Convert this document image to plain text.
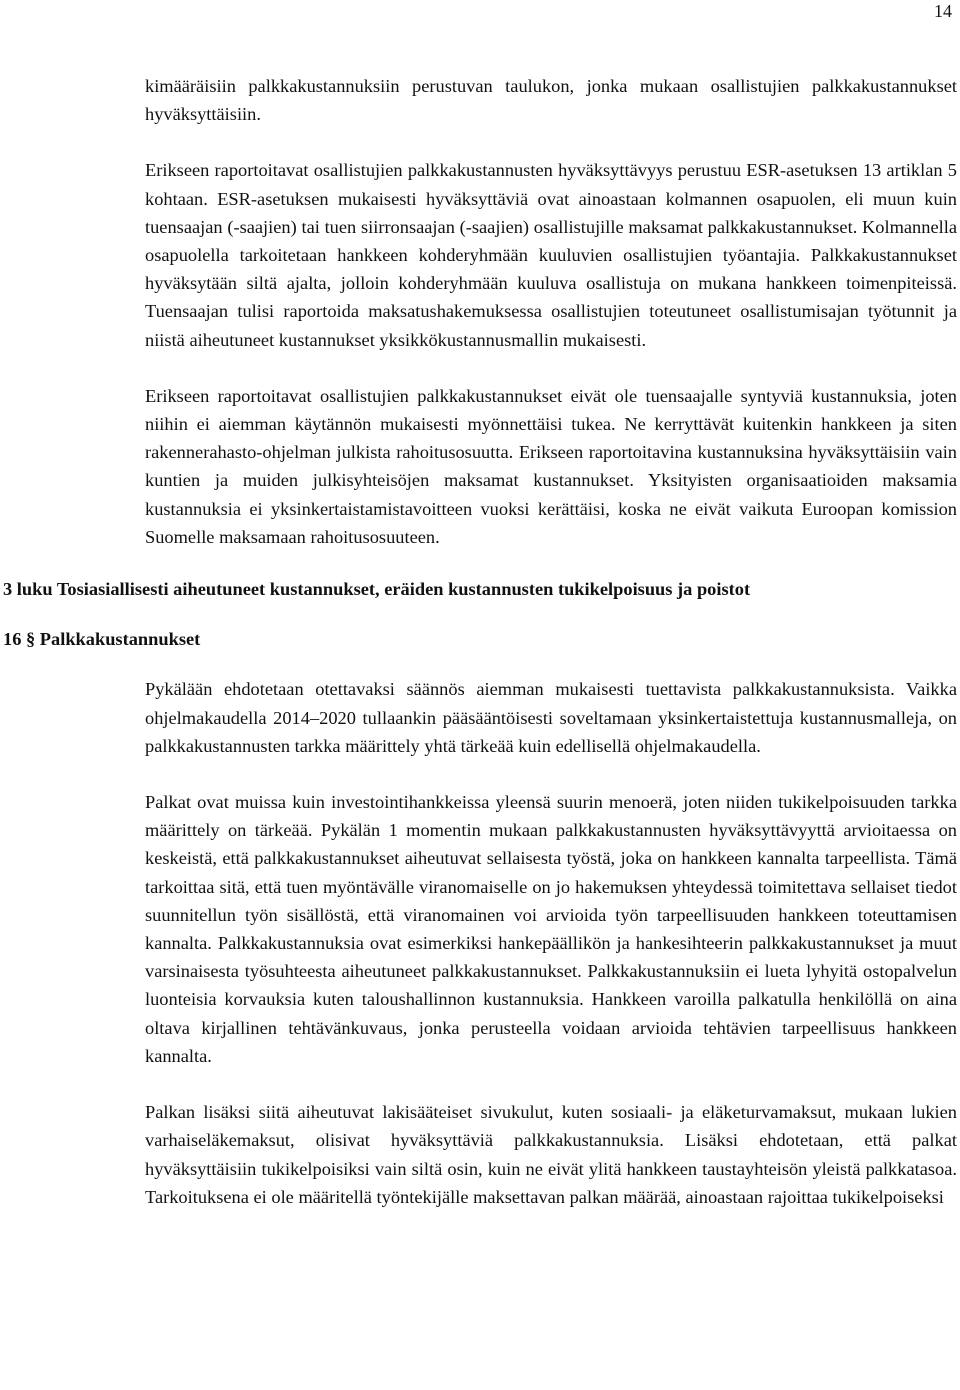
14

kimääräisiin palkkakustannuksiin perustuvan taulukon, jonka mukaan osallistujien palkkakustannukset hyväksyttäisiin.

Erikseen raportoitavat osallistujien palkkakustannusten hyväksyttävyys perustuu ESR-asetuksen 13 artiklan 5 kohtaan. ESR-asetuksen mukaisesti hyväksyttäviä ovat ainoastaan kolmannen osapuolen, eli muun kuin tuensaajan (-saajien) tai tuen siirronsaajan (-saajien) osallistujille maksamat palkkakustannukset. Kolmannella osapuolella tarkoitetaan hankkeen kohderyhmään kuuluvien osallistujien työantajia. Palkkakustannukset hyväksytään siltä ajalta, jolloin kohderyhmään kuuluva osallistuja on mukana hankkeen toimenpiteissä. Tuensaajan tulisi raportoida maksatushakemuksessa osallistujien toteutuneet osallistumisajan työtunnit ja niistä aiheutuneet kustannukset yksikkökustannusmallin mukaisesti.

Erikseen raportoitavat osallistujien palkkakustannukset eivät ole tuensaajalle syntyviä kustannuksia, joten niihin ei aiemman käytännön mukaisesti myönnettäisi tukea. Ne kerryttävät kuitenkin hankkeen ja siten rakennerahasto-ohjelman julkista rahoitusosuutta. Erikseen raportoitavina kustannuksina hyväksyttäisiin vain kuntien ja muiden julkisyhteisöjen maksamat kustannukset. Yksityisten organisaatioiden maksamia kustannuksia ei yksinkertaistamistavoitteen vuoksi kerättäisi, koska ne eivät vaikuta Euroopan komission Suomelle maksamaan rahoitusosuuteen.

3 luku Tosiasiallisesti aiheutuneet kustannukset, eräiden kustannusten tukikelpoisuus ja poistot
16 § Palkkakustannukset

Pykälään ehdotetaan otettavaksi säännös aiemman mukaisesti tuettavista palkkakustannuksista. Vaikka ohjelmakaudella 2014–2020 tullaankin pääsääntöisesti soveltamaan yksinkertaistettuja kustannusmalleja, on palkkakustannusten tarkka määrittely yhtä tärkeää kuin edellisellä ohjelmakaudella.

Palkat ovat muissa kuin investointihankkeissa yleensä suurin menoerä, joten niiden tukikelpoisuuden tarkka määrittely on tärkeää. Pykälän 1 momentin mukaan palkkakustannusten hyväksyttävyyttä arvioitaessa on keskeistä, että palkkakustannukset aiheutuvat sellaisesta työstä, joka on hankkeen kannalta tarpeellista. Tämä tarkoittaa sitä, että tuen myöntävälle viranomaiselle on jo hakemuksen yhteydessä toimitettava sellaiset tiedot suunnitellun työn sisällöstä, että viranomainen voi arvioida työn tarpeellisuuden hankkeen toteuttamisen kannalta. Palkkakustannuksia ovat esimerkiksi hankepäällikön ja hankesihteerin palkkakustannukset ja muut varsinaisesta työsuhteesta aiheutuneet palkkakustannukset. Palkkakustannuksiin ei lueta lyhyitä ostopalvelun luonteisia korvauksia kuten taloushallinnon kustannuksia. Hankkeen varoilla palkatulla henkilöllä on aina oltava kirjallinen tehtävänkuvaus, jonka perusteella voidaan arvioida tehtävien tarpeellisuus hankkeen kannalta.

Palkan lisäksi siitä aiheutuvat lakisääteiset sivukulut, kuten sosiaali- ja eläketurvamaksut, mukaan lukien varhaiseläkemaksut, olisivat hyväksyttäviä palkkakustannuksia. Lisäksi ehdotetaan, että palkat hyväksyttäisiin tukikelpoisiksi vain siltä osin, kuin ne eivät ylitä hankkeen taustayhteisön yleistä palkkatasoa. Tarkoituksena ei ole määritellä työntekijälle maksettavan palkan määrää, ainoastaan rajoittaa tukikelpoiseksi
